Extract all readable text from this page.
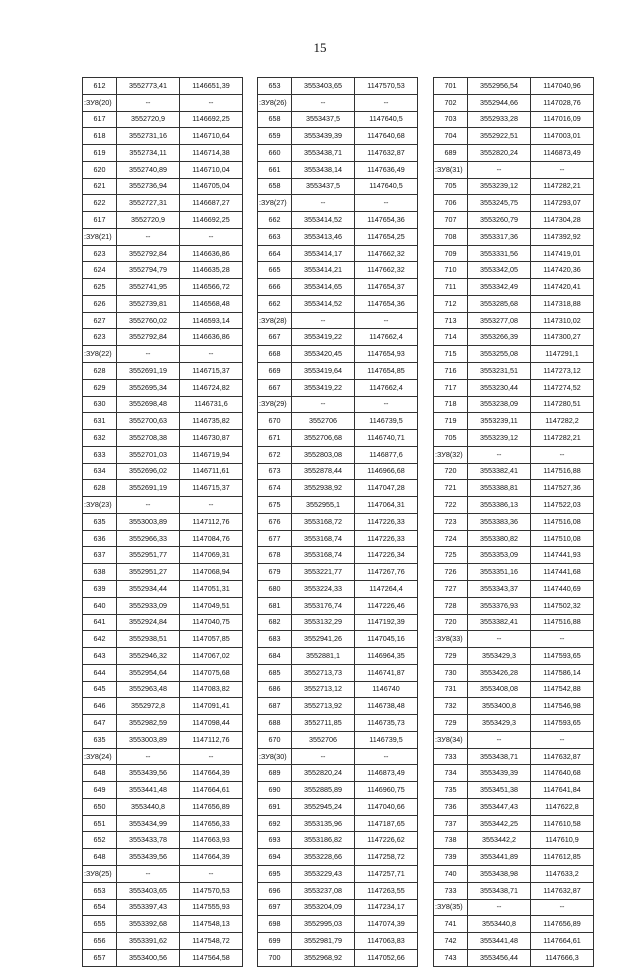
15
612	3552773,41	1146651,39
:ЗУ8(20)	--	--
617	3552720,9	1146692,25
618	3552731,16	1146710,64
619	3552734,11	1146714,38
620	3552740,89	1146710,04
621	3552736,94	1146705,04
622	3552727,31	1146687,27
617	3552720,9	1146692,25
:ЗУ8(21)	--	--
623	3552792,84	1146636,86
624	3552794,79	1146635,28
625	3552741,95	1146566,72
626	3552739,81	1146568,48
627	3552760,02	1146593,14
623	3552792,84	1146636,86
:ЗУ8(22)	--	--
628	3552691,19	1146715,37
629	3552695,34	1146724,82
630	3552698,48	1146731,6
631	3552700,63	1146735,82
632	3552708,38	1146730,87
633	3552701,03	1146719,94
634	3552696,02	1146711,61
628	3552691,19	1146715,37
:ЗУ8(23)	--	--
635	3553003,89	1147112,76
636	3552966,33	1147084,76
637	3552951,77	1147069,31
638	3552951,27	1147068,94
639	3552934,44	1147051,31
640	3552933,09	1147049,51
641	3552924,84	1147040,75
642	3552938,51	1147057,85
643	3552946,32	1147067,02
644	3552954,64	1147075,68
645	3552963,48	1147083,82
646	3552972,8	1147091,41
647	3552982,59	1147098,44
635	3553003,89	1147112,76
:ЗУ8(24)	--	--
648	3553439,56	1147664,39
649	3553441,48	1147664,61
650	3553440,8	1147656,89
651	3553434,99	1147656,33
652	3553433,78	1147663,93
648	3553439,56	1147664,39
:ЗУ8(25)	--	--
653	3553403,65	1147570,53
654	3553397,43	1147555,93
655	3553392,68	1147548,13
656	3553391,62	1147548,72
657	3553400,56	1147564,58
653	3553403,65	1147570,53
:ЗУ8(26)	--	--
658	3553437,5	1147640,5
659	3553439,39	1147640,68
660	3553438,71	1147632,87
661	3553438,14	1147636,49
658	3553437,5	1147640,5
:ЗУ8(27)	--	--
662	3553414,52	1147654,36
663	3553413,46	1147654,25
664	3553414,17	1147662,32
665	3553414,21	1147662,32
666	3553414,65	1147654,37
662	3553414,52	1147654,36
:ЗУ8(28)	--	--
667	3553419,22	1147662,4
668	3553420,45	1147654,93
669	3553419,64	1147654,85
667	3553419,22	1147662,4
:ЗУ8(29)	--	--
670	3552706	1146739,5
671	3552706,68	1146740,71
672	3552803,08	1146877,6
673	3552878,44	1146966,68
674	3552938,92	1147047,28
675	3552955,1	1147064,31
676	3553168,72	1147226,33
677	3553168,74	1147226,33
678	3553168,74	1147226,34
679	3553221,77	1147267,76
680	3553224,33	1147264,4
681	3553176,74	1147226,46
682	3553132,29	1147192,39
683	3552941,26	1147045,16
684	3552881,1	1146964,35
685	3552713,73	1146741,87
686	3552713,12	1146740
687	3552713,92	1146738,48
688	3552711,85	1146735,73
670	3552706	1146739,5
:ЗУ8(30)	--	--
689	3552820,24	1146873,49
690	3552885,89	1146960,75
691	3552945,24	1147040,66
692	3553135,96	1147187,65
693	3553186,82	1147226,62
694	3553228,66	1147258,72
695	3553229,43	1147257,71
696	3553237,08	1147263,55
697	3553204,09	1147234,17
698	3552995,03	1147074,39
699	3552981,79	1147063,83
700	3552968,92	1147052,66
701	3552956,54	1147040,96
702	3552944,66	1147028,76
703	3552933,28	1147016,09
704	3552922,51	1147003,01
689	3552820,24	1146873,49
:ЗУ8(31)	--	--
705	3553239,12	1147282,21
706	3553245,75	1147293,07
707	3553260,79	1147304,28
708	3553317,36	1147392,92
709	3553331,56	1147419,01
710	3553342,05	1147420,36
711	3553342,49	1147420,41
712	3553285,68	1147318,88
713	3553277,08	1147310,02
714	3553266,39	1147300,27
715	3553255,08	1147291,1
716	3553231,51	1147273,12
717	3553230,44	1147274,52
718	3553238,09	1147280,51
719	3553239,11	1147282,2
705	3553239,12	1147282,21
:ЗУ8(32)	--	--
720	3553382,41	1147516,88
721	3553388,81	1147527,36
722	3553386,13	1147522,03
723	3553383,36	1147516,08
724	3553380,82	1147510,08
725	3553353,09	1147441,93
726	3553351,16	1147441,68
727	3553343,37	1147440,69
728	3553376,93	1147502,32
720	3553382,41	1147516,88
:ЗУ8(33)	--	--
729	3553429,3	1147593,65
730	3553426,28	1147586,14
731	3553408,08	1147542,88
732	3553400,8	1147546,98
729	3553429,3	1147593,65
:ЗУ8(34)	--	--
733	3553438,71	1147632,87
734	3553439,39	1147640,68
735	3553451,38	1147641,84
736	3553447,43	1147622,8
737	3553442,25	1147610,58
738	3553442,2	1147610,9
739	3553441,89	1147612,85
740	3553438,98	1147633,2
733	3553438,71	1147632,87
:ЗУ8(35)	--	--
741	3553440,8	1147656,89
742	3553441,48	1147664,61
743	3553456,44	1147666,3
